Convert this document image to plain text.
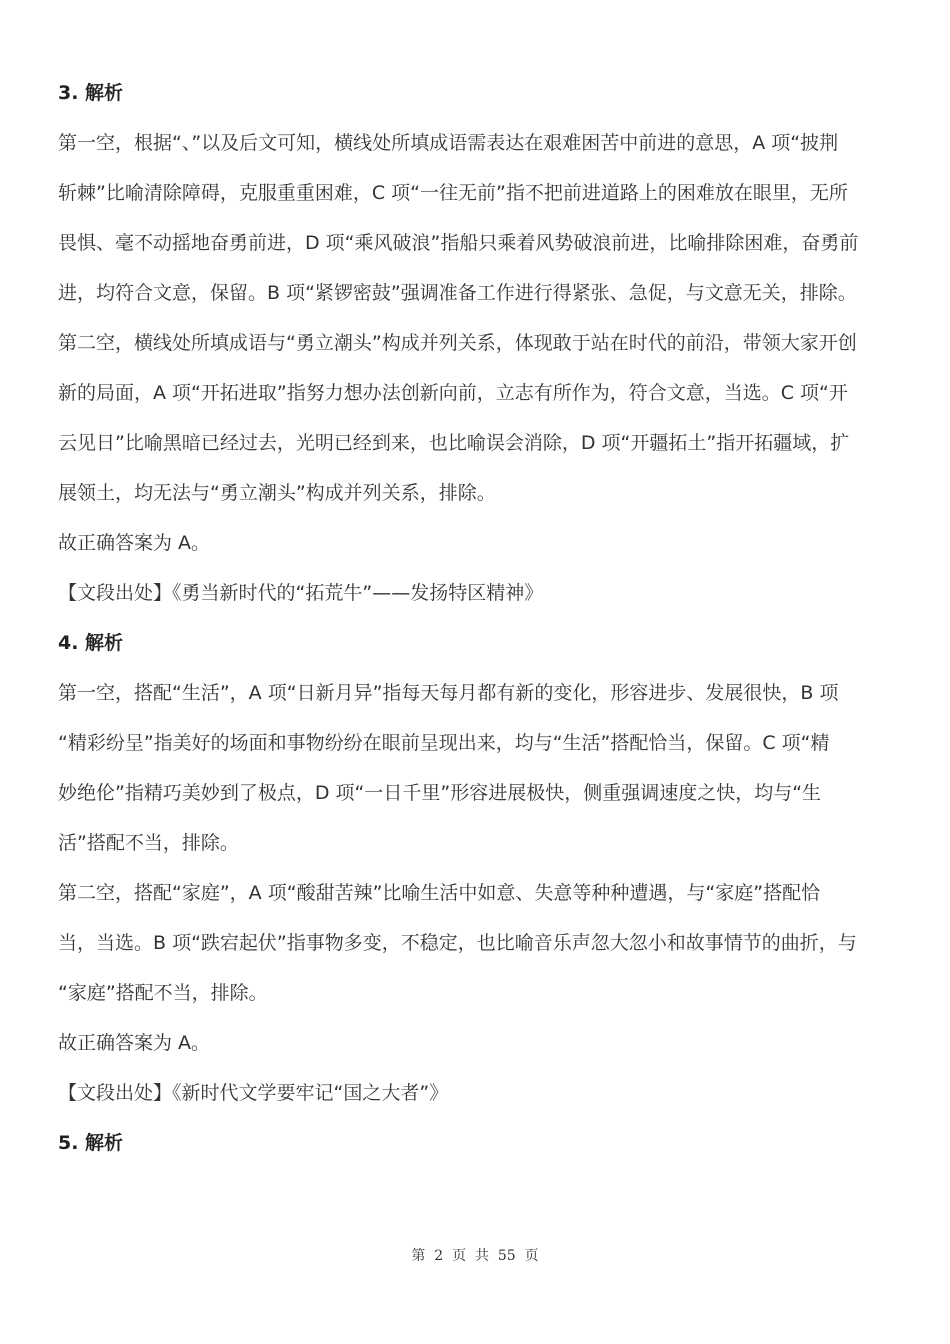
3. 解析
第一空，根据“、”以及后文可知，横线处所填成语需表达在艰难困苦中前进的意思，A 项“披荆
斩棘”比喻清除障碍，克服重重困难，C 项“一往无前”指不把前进道路上的困难放在眼里，无所
畏惧、毫不动摇地奋勇前进，D 项“乘风破浪”指船只乘着风势破浪前进，比喻排除困难，奋勇前
进，均符合文意，保留。B 项“紧锣密鼓”强调准备工作进行得紧张、急促，与文意无关，排除。
第二空，横线处所填成语与“勇立潮头”构成并列关系，体现敢于站在时代的前沿，带领大家开创
新的局面，A 项“开拓进取”指努力想办法创新向前，立志有所作为，符合文意，当选。C 项“开
云见日”比喻黑暗已经过去，光明已经到来，也比喻误会消除，D 项“开疆拓土”指开拓疆域，扩
展领土，均无法与“勇立潮头”构成并列关系，排除。
故正确答案为 A。
【文段出处】《勇当新时代的“拓荒牛”——发扬特区精神》
4. 解析
第一空，搭配“生活”，A 项“日新月异”指每天每月都有新的变化，形容进步、发展很快，B 项
“精彩纷呈”指美好的场面和事物纷纷在眼前呈现出来，均与“生活”搭配恰当，保留。C 项“精
妙绝伦”指精巧美妙到了极点，D 项“一日千里”形容进展极快，侧重强调速度之快，均与“生
活”搭配不当，排除。
第二空，搭配“家庭”，A 项“酸甜苦辣”比喻生活中如意、失意等种种遭遇，与“家庭”搭配恰
当，当选。B 项“跌宕起伏”指事物多变，不稳定，也比喻音乐声忽大忽小和故事情节的曲折，与
“家庭”搭配不当，排除。
故正确答案为 A。
【文段出处】《新时代文学要牢记“国之大者”》
5. 解析
第  2  页  共  55  页
